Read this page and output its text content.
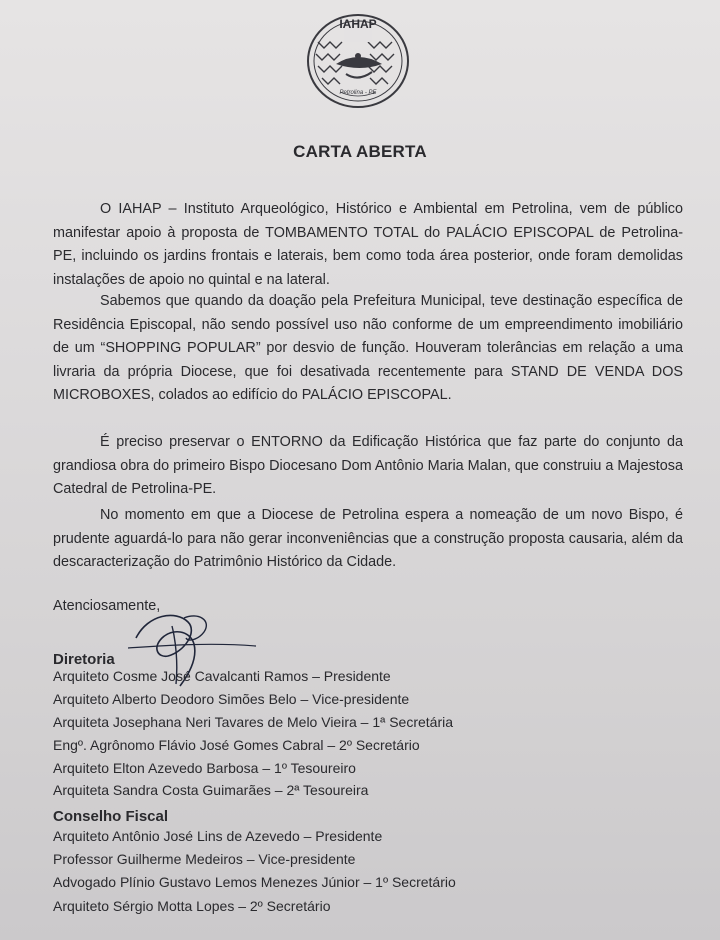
IAHAP
Petrolina - PE
CARTA ABERTA

O IAHAP – Instituto Arqueológico, Histórico e Ambiental em Petrolina, vem de público manifestar apoio à proposta de TOMBAMENTO TOTAL do PALÁCIO EPISCOPAL de Petrolina-PE, incluindo os jardins frontais e laterais, bem como toda área posterior, onde foram demolidas instalações de apoio no quintal e na lateral.

Sabemos que quando da doação pela Prefeitura Municipal, teve destinação específica de Residência Episcopal, não sendo possível uso não conforme de um empreendimento imobiliário de um “SHOPPING POPULAR” por desvio de função. Houveram tolerâncias em relação a uma livraria da própria Diocese, que foi desativada recentemente para STAND DE VENDA DOS MICROBOXES, colados ao edifício do PALÁCIO EPISCOPAL.

É preciso preservar o ENTORNO da Edificação Histórica que faz parte do conjunto da grandiosa obra do primeiro Bispo Diocesano Dom Antônio Maria Malan, que construiu a Majestosa Catedral de Petrolina-PE.

No momento em que a Diocese de Petrolina espera a nomeação de um novo Bispo, é prudente aguardá-lo para não gerar inconveniências que a construção proposta causaria, além da descaracterização do Patrimônio Histórico da Cidade.

Atenciosamente,
Diretoria
Arquiteto Cosme José Cavalcanti Ramos – Presidente
Arquiteto Alberto Deodoro Simões Belo – Vice-presidente
Arquiteta Josephana Neri Tavares de Melo Vieira – 1ª Secretária
Engº. Agrônomo Flávio José Gomes Cabral – 2º Secretário
Arquiteto Elton Azevedo Barbosa – 1º Tesoureiro
Arquiteta Sandra Costa Guimarães – 2ª Tesoureira
Conselho Fiscal
Arquiteto Antônio José Lins de Azevedo – Presidente
Professor Guilherme Medeiros – Vice-presidente
Advogado Plínio Gustavo Lemos Menezes Júnior – 1º Secretário
Arquiteto Sérgio Motta Lopes – 2º Secretário
